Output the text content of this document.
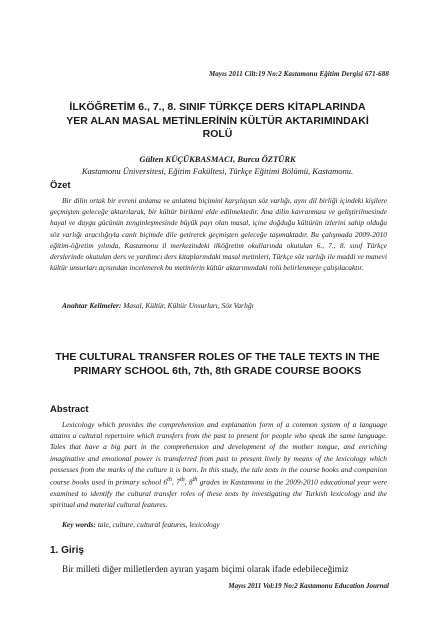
Mayıs 2011 Cilt:19 No:2 Kastamonu Eğitim Dergisi 671-688
İLKÖĞRETİM 6., 7., 8. SINIF TÜRKÇE DERS KİTAPLARINDA YER ALAN MASAL METİNLERİNİN KÜLTÜR AKTARIMINDAKİ ROLÜ
Gülten KÜÇÜKBASMACI, Burcu ÖZTÜRK
Kastamonu Üniversitesi, Eğitim Fakültesi, Türkçe Eğitimi Bölümü, Kastamonu.
Özet
Bir dilin ortak bir evreni anlama ve anlatma biçimini karşılayan söz varlığı, aynı dil birliği içindeki kişilere geçmişten geleceğe aktarılarak, bir kültür birikimi elde edilmektedir. Ana dilin kavranması ve geliştirilmesinde hayal ve duygu gücünün zenginleşmesinde büyük payı olan masal, içine doğduğu kültürün izlerini sahip olduğu söz varlığı aracılığıyla canlı biçimde dile getirerek geçmişten geleceğe taşımaktadır. Bu çalışmada 2009-2010 eğitim-öğretim yılında, Kastamonu il merkezindeki ilköğretim okullarında okutulan 6., 7., 8. sınıf Türkçe derslerinde okutulan ders ve yardımcı ders kitaplarındaki masal metinleri, Türkçe söz varlığı ile maddi ve manevi kültür unsurları açısından incelenerek bu metinlerin kültür aktarımındaki rolü belirlenmeye çalışılacaktır.
Anahtar Kelimeler: Masal, Kültür, Kültür Unsurları, Söz Varlığı
THE CULTURAL TRANSFER ROLES OF THE TALE TEXTS IN THE PRIMARY SCHOOL 6th, 7th, 8th GRADE COURSE BOOKS
Abstract
Lexicology which provides the comprehension and explanation form of a common system of a language attains a cultural repertoire which transfers from the past to present for people who speak the same language. Tales that have a big part in the comprehension and development of the mother tongue, and enriching imaginative and emotional power is transferred from past to present lively by means of the lexicology which possesses from the marks of the culture it is born. In this study, the tale texts in the course books and companion course books used in primary school 6th, 7th, 8th grades in Kastamonu in the 2009-2010 educational year were examined to identify the cultural transfer roles of these texts by investigating the Turkish lexicology and the spiritual and material cultural features.
Key words: tale, culture, cultural features, lexicology
1. Giriş
Bir milleti diğer milletlerden ayıran yaşam biçimi olarak ifade edebileceğimiz
Mayıs 2011 Vol:19 No:2 Kastamonu Education Journal
